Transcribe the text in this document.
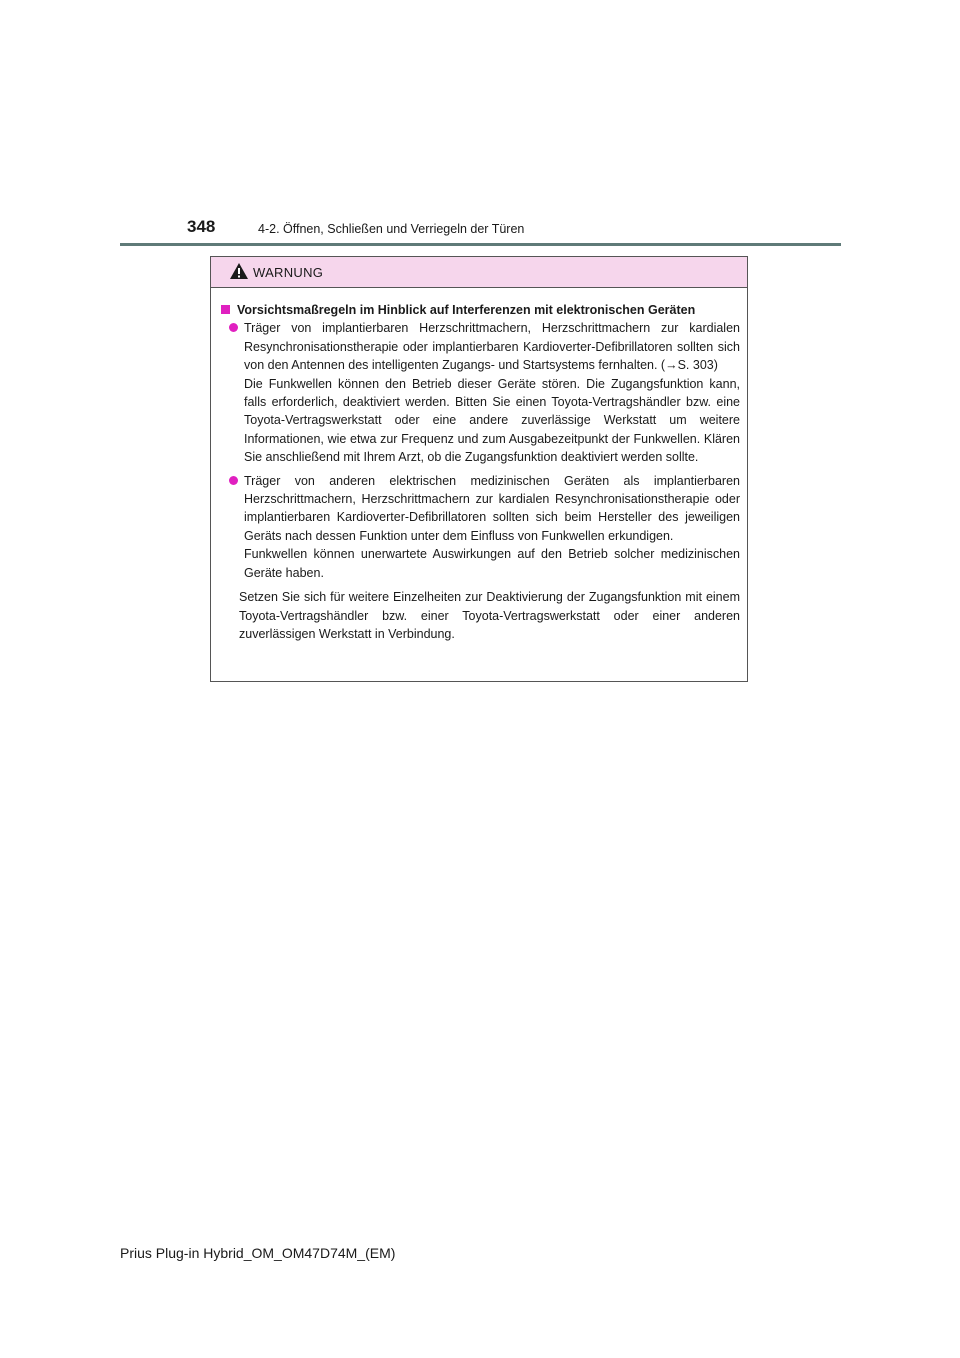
348	4-2. Öffnen, Schließen und Verriegeln der Türen
WARNUNG
Vorsichtsmaßregeln im Hinblick auf Interferenzen mit elektronischen Geräten

Träger von implantierbaren Herzschrittmachern, Herzschrittmachern zur kardialen Resynchronisationstherapie oder implantierbaren Kardioverter-Defibrillatoren sollten sich von den Antennen des intelligenten Zugangs- und Startsystems fernhalten. (→S. 303)

Die Funkwellen können den Betrieb dieser Geräte stören. Die Zugangsfunktion kann, falls erforderlich, deaktiviert werden. Bitten Sie einen Toyota-Vertragshändler bzw. eine Toyota-Vertragswerkstatt oder eine andere zuverlässige Werkstatt um weitere Informationen, wie etwa zur Frequenz und zum Ausgabezeitpunkt der Funkwellen. Klären Sie anschließend mit Ihrem Arzt, ob die Zugangsfunktion deaktiviert werden sollte.

Träger von anderen elektrischen medizinischen Geräten als implantierbaren Herzschrittmachern, Herzschrittmachern zur kardialen Resynchronisationstherapie oder implantierbaren Kardioverter-Defibrillatoren sollten sich beim Hersteller des jeweiligen Geräts nach dessen Funktion unter dem Einfluss von Funkwellen erkundigen.

Funkwellen können unerwartete Auswirkungen auf den Betrieb solcher medizinischen Geräte haben.

Setzen Sie sich für weitere Einzelheiten zur Deaktivierung der Zugangsfunktion mit einem Toyota-Vertragshändler bzw. einer Toyota-Vertragswerkstatt oder einer anderen zuverlässigen Werkstatt in Verbindung.

Prius Plug-in Hybrid_OM_OM47D74M_(EM)
